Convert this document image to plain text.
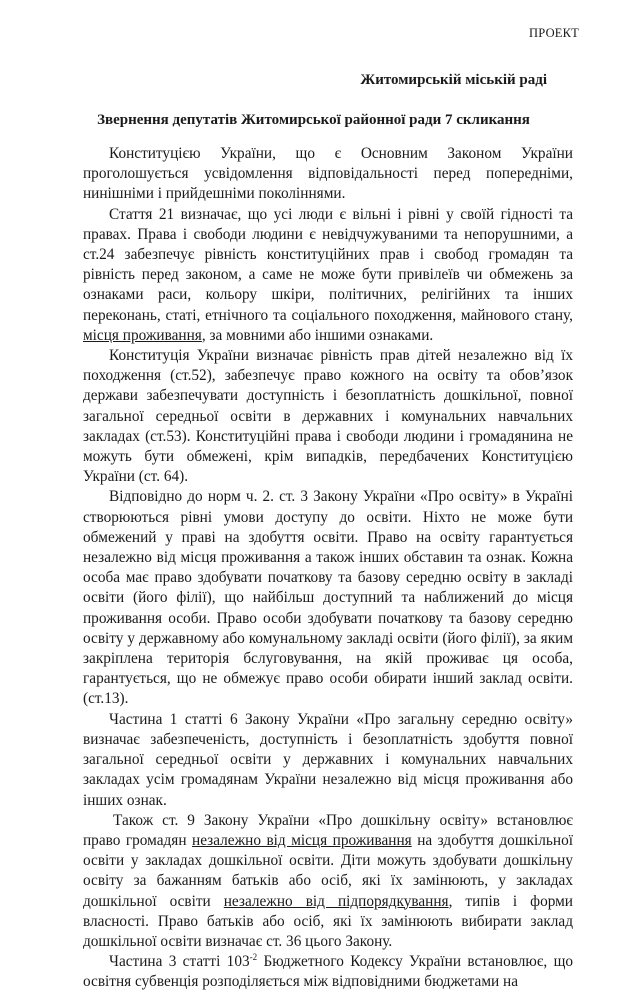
ПРОЕКТ
Житомирській міській раді
Звернення депутатів Житомирської районної ради 7 скликання

Конституцією України, що є Основним Законом України проголошується усвідомлення відповідальності перед попередніми, нинішніми і прийдешніми поколіннями.

Стаття 21 визначає, що усі люди є вільні і рівні у своїй гідності та правах. Права і свободи людини є невідчужуваними та непорушними, а ст.24 забезпечує рівність конституційних прав і свобод громадян та рівність перед законом, а саме не може бути привілеїв чи обмежень за ознаками раси, кольору шкіри, політичних, релігійних та інших переконань, статі, етнічного та соціального походження, майнового стану, місця проживання, за мовними або іншими ознаками.

Конституція України визначає рівність прав дітей незалежно від їх походження (ст.52), забезпечує право кожного на освіту та обов’язок держави забезпечувати доступність і безоплатність дошкільної, повної загальної середньої освіти в державних і комунальних навчальних закладах (ст.53). Конституційні права і свободи людини і громадянина не можуть бути обмежені, крім випадків, передбачених Конституцією України (ст. 64).

Відповідно до норм ч. 2. ст. 3 Закону України «Про освіту» в Україні створюються рівні умови доступу до освіти. Ніхто не може бути обмежений у праві на здобуття освіти. Право на освіту гарантується незалежно від місця проживання а також інших обставин та ознак. Кожна особа має право здобувати початкову та базову середню освіту в закладі освіти (його філії), що найбільш доступний та наближений до місця проживання особи. Право особи здобувати початкову та базову середню освіту у державному або комунальному закладі освіти (його філії), за яким закріплена територія бслуговування, на якій проживає ця особа, гарантується, що не обмежує право особи обирати інший заклад освіти. (ст.13).

Частина 1 статті 6 Закону України «Про загальну середню освіту» визначає забезпеченість, доступність і безоплатність здобуття повної загальної середньої освіти у державних і комунальних навчальних закладах усім громадянам України незалежно від місця проживання або інших ознак.

Також ст. 9 Закону України «Про дошкільну освіту» встановлює право громадян незалежно від місця проживання на здобуття дошкільної освіти у закладах дошкільної освіти. Діти можуть здобувати дошкільну освіту за бажанням батьків або осіб, які їх замінюють, у закладах дошкільної освіти незалежно від підпорядкування, типів і форми власності. Право батьків або осіб, які їх замінюють вибирати заклад дошкільної освіти визначає ст. 36 цього Закону.

Частина 3 статті $103^{-2}$ Бюджетного Кодексу України встановлює, що освітня субвенція розподіляється між відповідними бюджетами на
